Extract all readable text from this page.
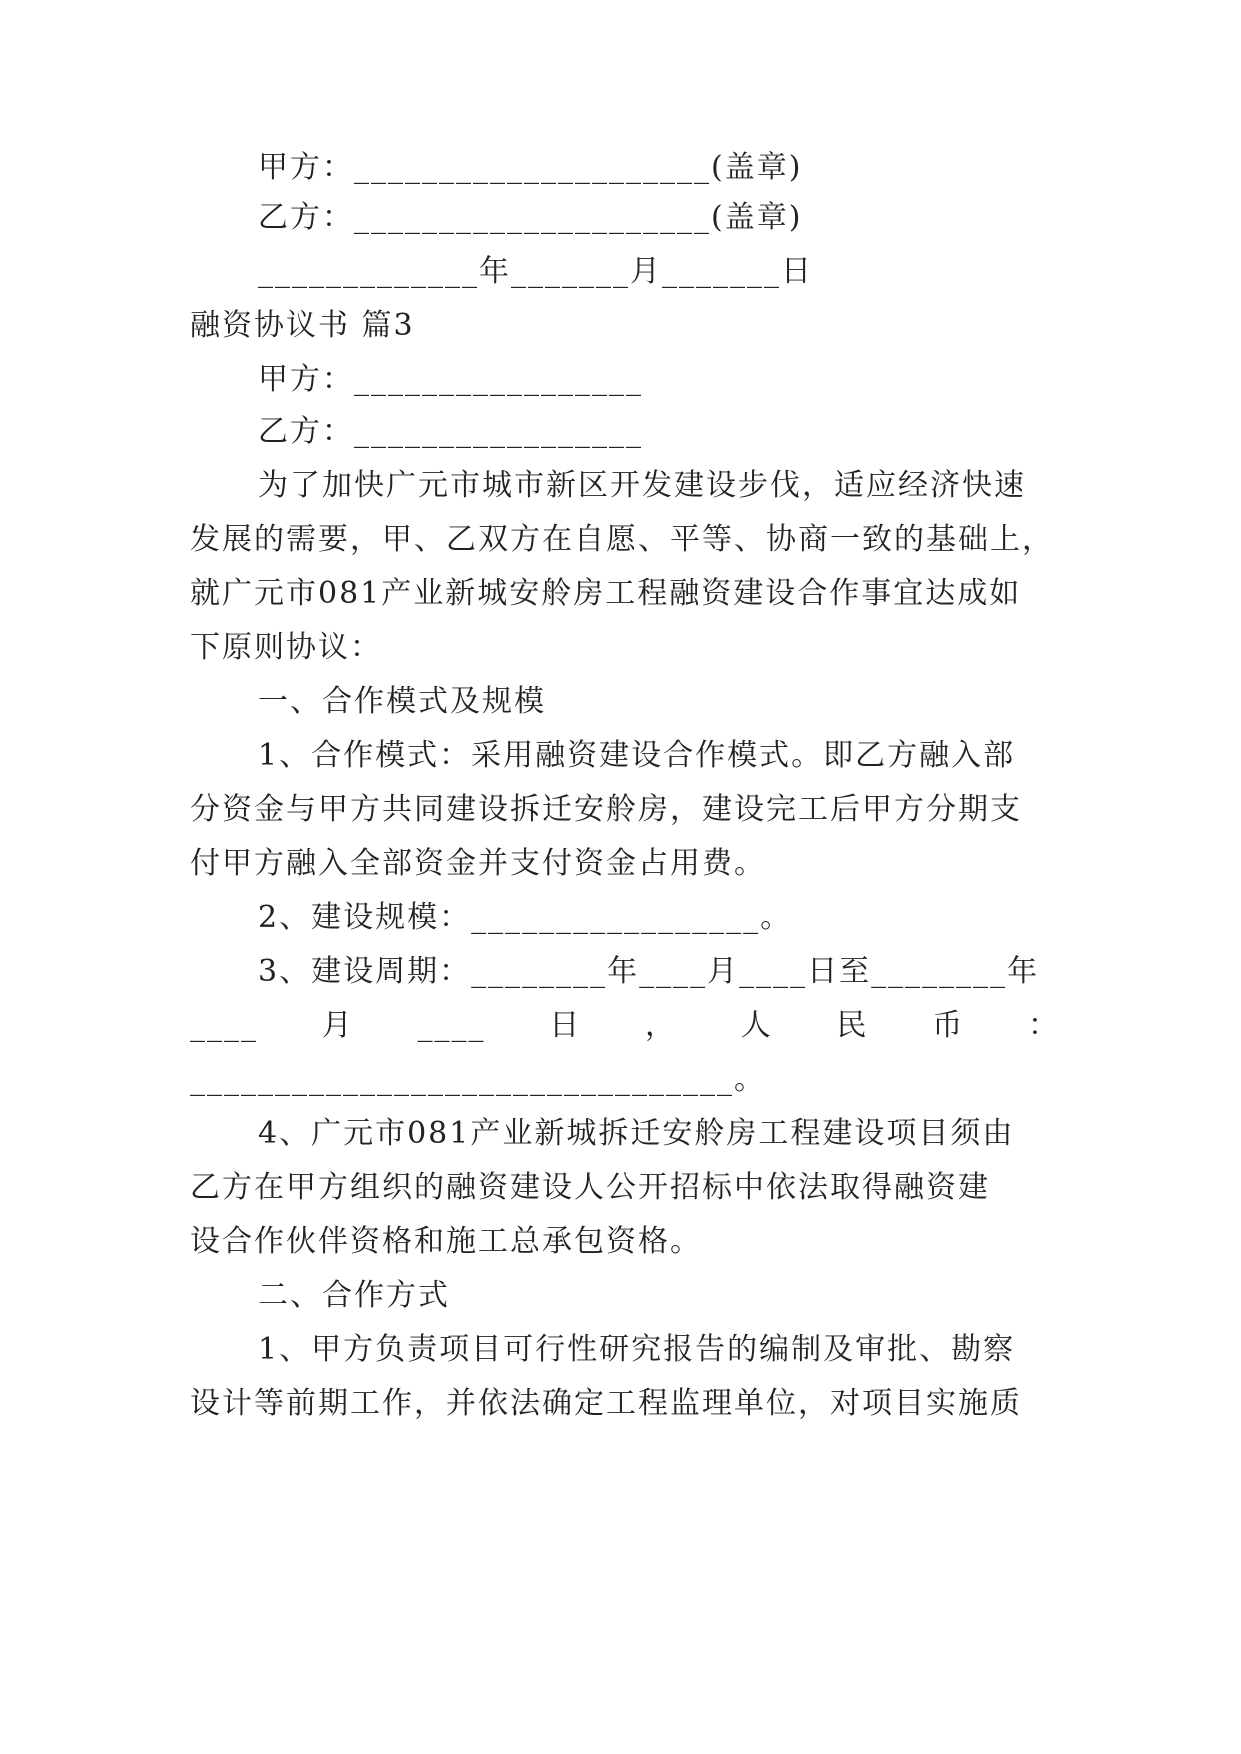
甲方：_____________________(盖章)
乙方：_____________________(盖章)
_____________年_______月_______日
融资协议书 篇3
甲方：_________________
乙方：_________________
为了加快广元市城市新区开发建设步伐，适应经济快速
发展的需要，甲、乙双方在自愿、平等、协商一致的基础上，
就广元市081产业新城安舲房工程融资建设合作事宜达成如
下原则协议：
一、合作模式及规模
1、合作模式：采用融资建设合作模式。即乙方融入部
分资金与甲方共同建设拆迁安舲房，建设完工后甲方分期支
付甲方融入全部资金并支付资金占用费。
2、建设规模：_________________。
3、建设周期：________年____月____日至________年
____ 月 ____ 日 ， 人 民 币 ：
________________________________。
4、广元市081产业新城拆迁安舲房工程建设项目须由
乙方在甲方组织的融资建设人公开招标中依法取得融资建
设合作伙伴资格和施工总承包资格。
二、合作方式
1、甲方负责项目可行性研究报告的编制及审批、勘察
设计等前期工作，并依法确定工程监理单位，对项目实施质
